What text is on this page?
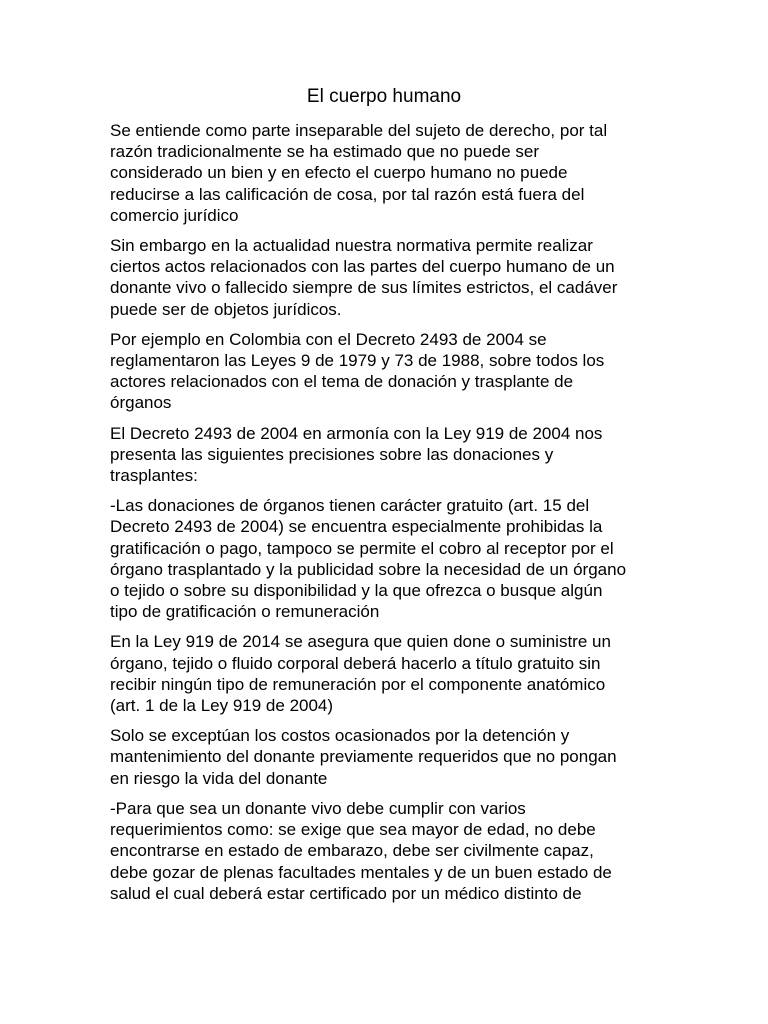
El cuerpo humano

Se entiende como parte inseparable del sujeto de derecho, por tal
razón tradicionalmente se ha estimado que no puede ser
considerado un bien y en efecto el cuerpo humano no puede
reducirse a las calificación de cosa, por tal razón está fuera del
comercio jurídico

Sin embargo en la actualidad nuestra normativa permite realizar
ciertos actos relacionados con las partes del cuerpo humano de un
donante vivo o fallecido siempre de sus límites estrictos, el cadáver
puede ser de objetos jurídicos.

Por ejemplo en Colombia con el Decreto 2493 de 2004 se
reglamentaron las Leyes 9 de 1979 y 73 de 1988, sobre todos los
actores relacionados con el tema de donación y trasplante de
órganos

El Decreto 2493 de 2004 en armonía con la Ley 919 de 2004 nos
presenta las siguientes precisiones sobre las donaciones y
trasplantes:

-Las donaciones de órganos tienen carácter gratuito (art. 15 del
Decreto 2493 de 2004) se encuentra especialmente prohibidas la
gratificación o pago, tampoco se permite el cobro al receptor por el
órgano trasplantado y la publicidad sobre la necesidad de un órgano
o tejido o sobre su disponibilidad y la que ofrezca o busque algún
tipo de gratificación o remuneración

En la Ley 919 de 2014 se asegura que quien done o suministre un
órgano, tejido o fluido corporal deberá hacerlo a título gratuito sin
recibir ningún tipo de remuneración por el componente anatómico
(art. 1 de la Ley 919 de 2004)

Solo se exceptúan los costos ocasionados por la detención y
mantenimiento del donante previamente requeridos que no pongan
en riesgo la vida del donante

-Para que sea un donante vivo debe cumplir con varios
requerimientos como: se exige que sea mayor de edad, no debe
encontrarse en estado de embarazo, debe ser civilmente capaz,
debe gozar de plenas facultades mentales y de un buen estado de
salud el cual deberá estar certificado por un médico distinto de
